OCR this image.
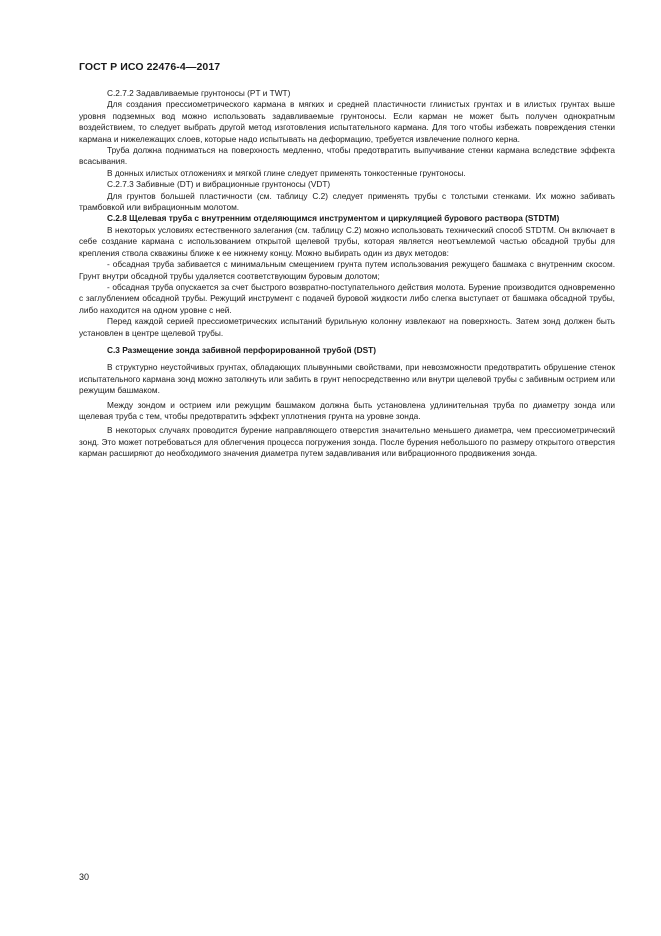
ГОСТ Р ИСО 22476-4—2017

С.2.7.2 Задавливаемые грунтоносы (PT и TWT)

Для создания прессиометрического кармана в мягких и средней пластичности глинистых грунтах и в илистых грунтах выше уровня подземных вод можно использовать задавливаемые грунтоносы. Если карман не может быть получен однократным воздействием, то следует выбрать другой метод изготовления испытательного кармана. Для того чтобы избежать повреждения стенки кармана и нижележащих слоев, которые надо испытывать на деформацию, требуется извлечение полного керна.

Труба должна подниматься на поверхность медленно, чтобы предотвратить выпучивание стенки кармана вследствие эффекта всасывания.

В донных илистых отложениях и мягкой глине следует применять тонкостенные грунтоносы.

С.2.7.3 Забивные (DT) и вибрационные грунтоносы (VDT)

Для грунтов большей пластичности (см. таблицу С.2) следует применять трубы с толстыми стенками. Их можно забивать трамбовкой или вибрационным молотом.

С.2.8 Щелевая труба с внутренним отделяющимся инструментом и циркуляцией бурового раствора (STDTM)

В некоторых условиях естественного залегания (см. таблицу С.2) можно использовать технический способ STDTM. Он включает в себе создание кармана с использованием открытой щелевой трубы, которая является неотъемлемой частью обсадной трубы для крепления ствола скважины ближе к ее нижнему концу. Можно выбирать один из двух методов:

- обсадная труба забивается с минимальным смещением грунта путем использования режущего башмака с внутренним скосом. Грунт внутри обсадной трубы удаляется соответствующим буровым долотом;

- обсадная труба опускается за счет быстрого возвратно-поступательного действия молота. Бурение производится одновременно с заглублением обсадной трубы. Режущий инструмент с подачей буровой жидкости либо слегка выступает от башмака обсадной трубы, либо находится на одном уровне с ней.

Перед каждой серией прессиометрических испытаний бурильную колонну извлекают на поверхность. Затем зонд должен быть установлен в центре щелевой трубы.

С.3 Размещение зонда забивной перфорированной трубой (DST)

В структурно неустойчивых грунтах, обладающих плывунными свойствами, при невозможности предотвратить обрушение стенок испытательного кармана зонд можно затолкнуть или забить в грунт непосредственно или внутри щелевой трубы с забивным острием или режущим башмаком.

Между зондом и острием или режущим башмаком должна быть установлена удлинительная труба по диаметру зонда или щелевая труба с тем, чтобы предотвратить эффект уплотнения грунта на уровне зонда.

В некоторых случаях проводится бурение направляющего отверстия значительно меньшего диаметра, чем прессиометрический зонд. Это может потребоваться для облегчения процесса погружения зонда. После бурения небольшого по размеру открытого отверстия карман расширяют до необходимого значения диаметра путем задавливания или вибрационного продвижения зонда.

30
